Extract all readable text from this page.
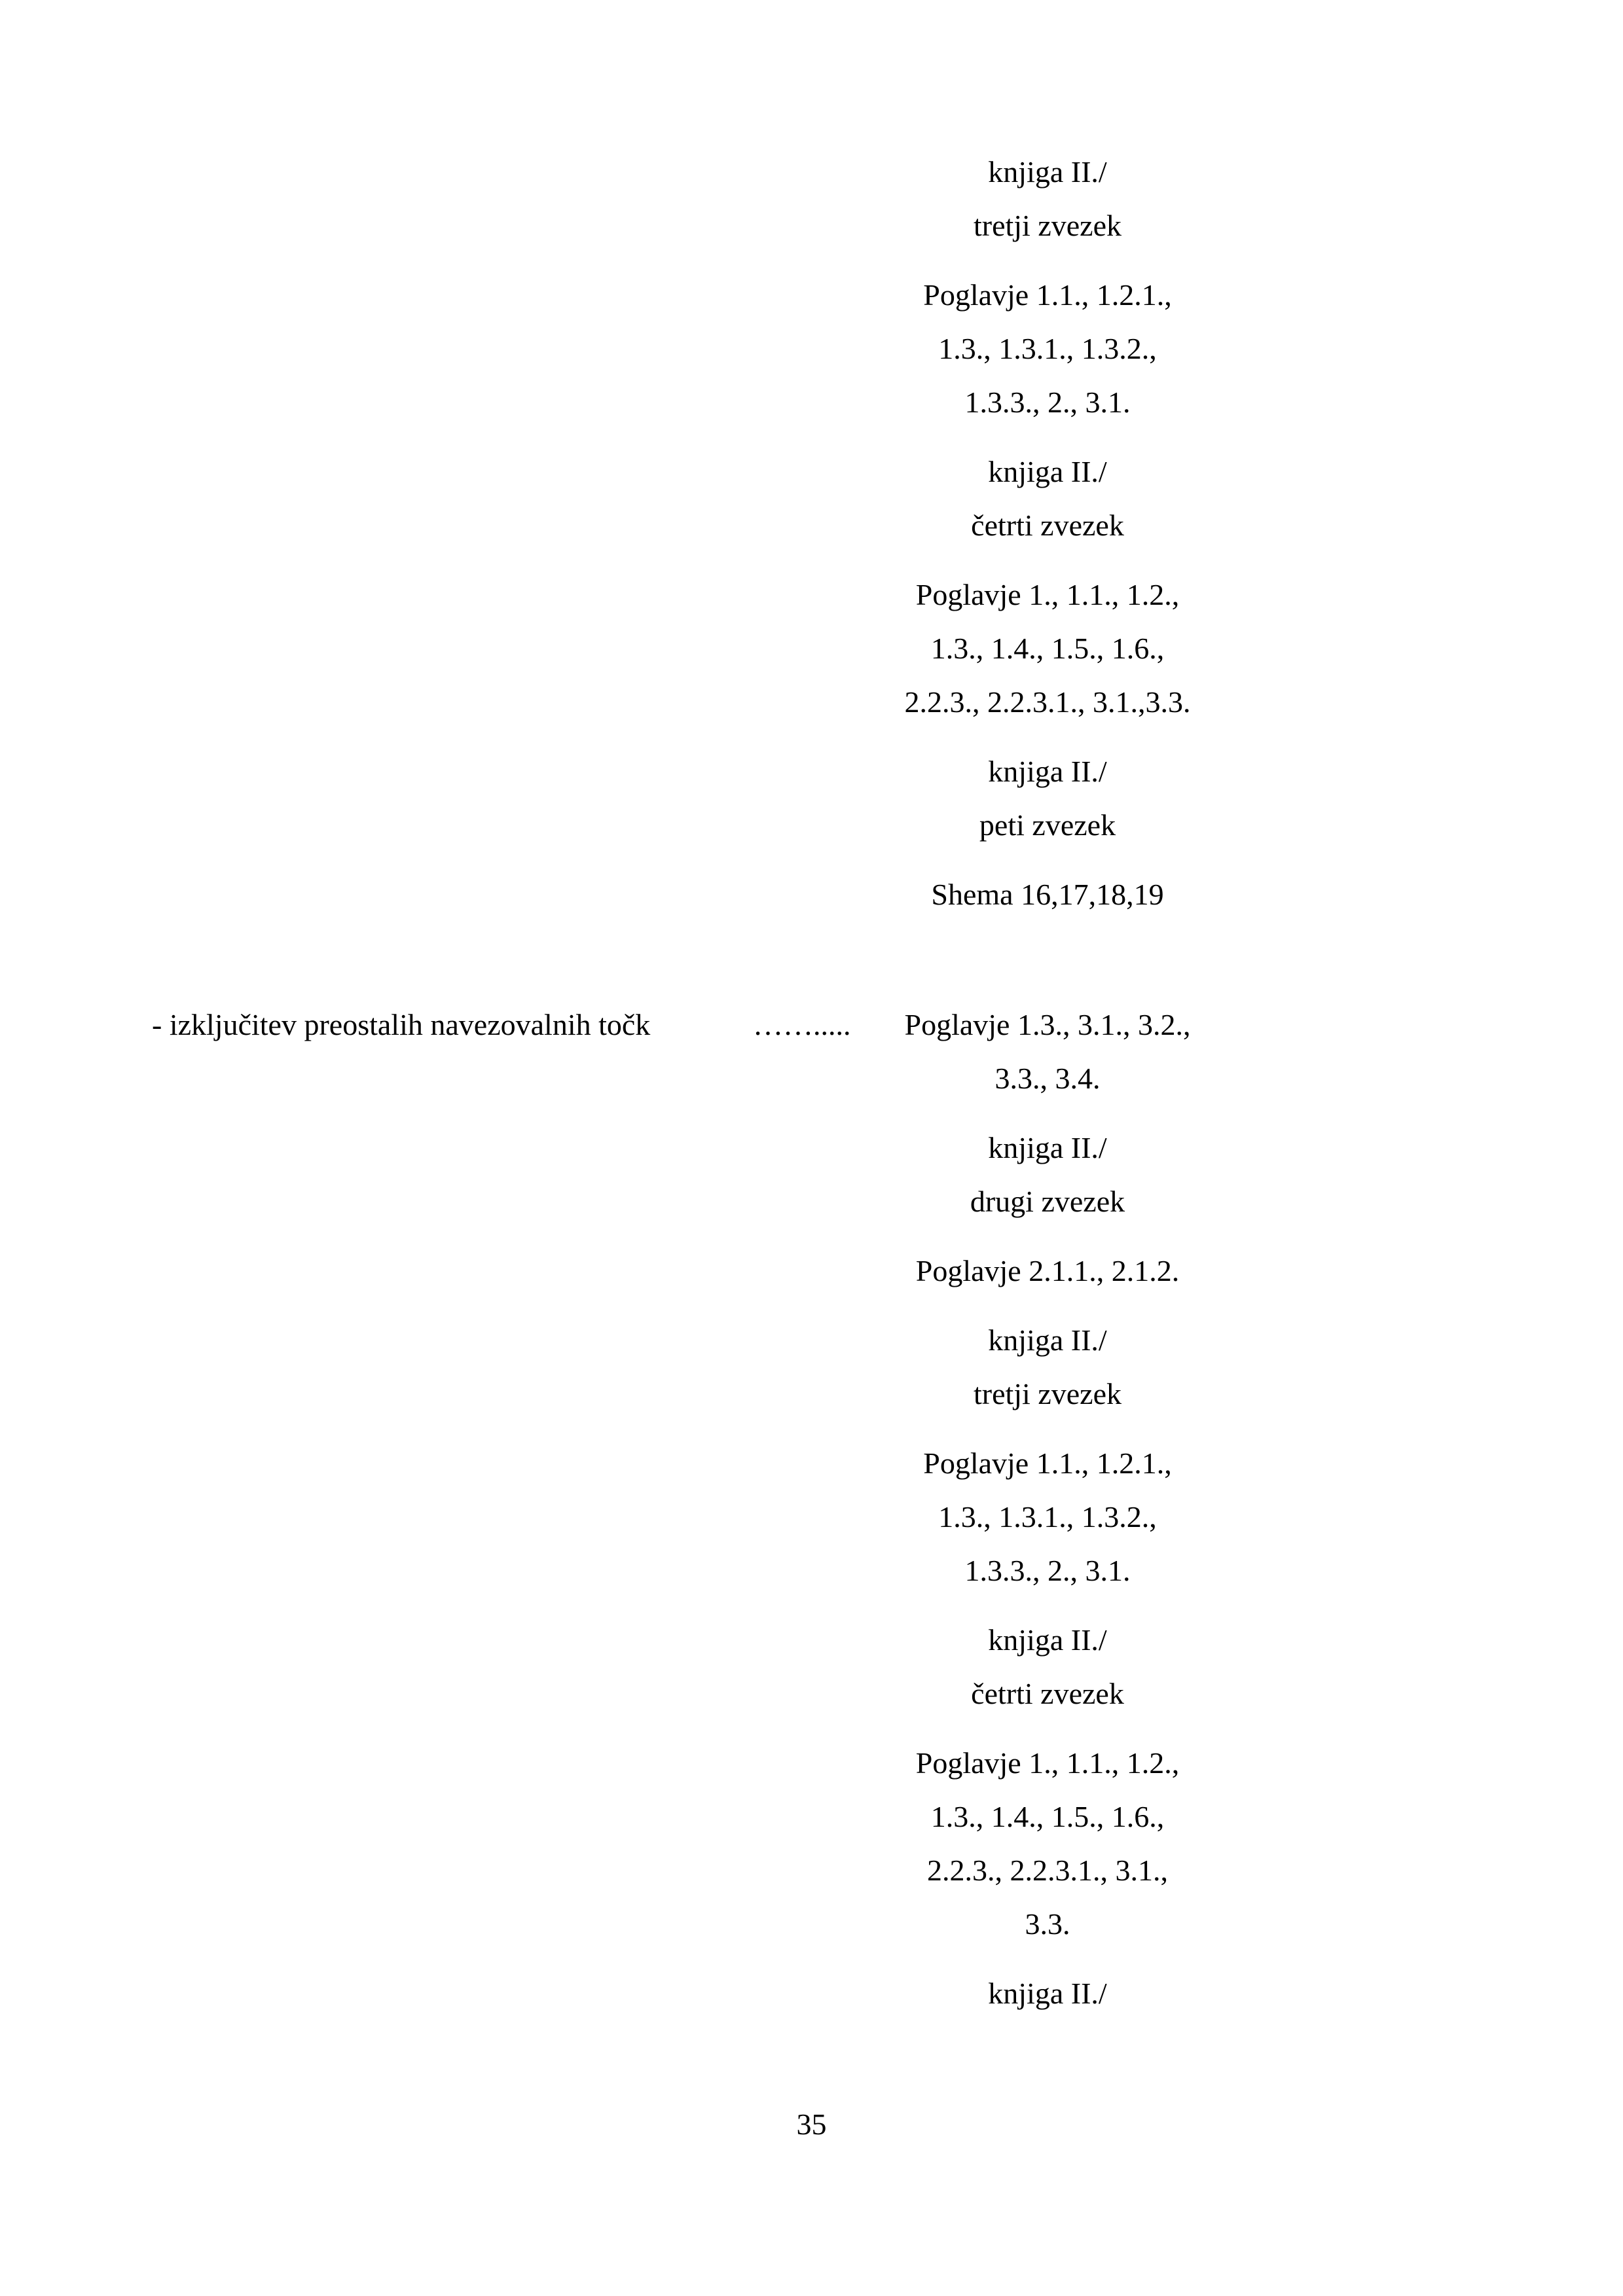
knjiga II./
tretji zvezek
Poglavje 1.1., 1.2.1.,
1.3., 1.3.1., 1.3.2.,
1.3.3., 2., 3.1.
knjiga II./
četrti zvezek
Poglavje 1., 1.1., 1.2.,
1.3., 1.4., 1.5., 1.6.,
2.2.3., 2.2.3.1., 3.1.,3.3.
knjiga II./
peti zvezek
Shema 16,17,18,19
- izključitev preostalih navezovalnih točk	…….....	Poglavje 1.3., 3.1., 3.2.,
3.3., 3.4.
knjiga II./
drugi zvezek
Poglavje 2.1.1., 2.1.2.
knjiga II./
tretji zvezek
Poglavje 1.1., 1.2.1.,
1.3., 1.3.1., 1.3.2.,
1.3.3., 2., 3.1.
knjiga II./
četrti zvezek
Poglavje 1., 1.1., 1.2.,
1.3., 1.4., 1.5., 1.6.,
2.2.3., 2.2.3.1., 3.1.,
3.3.
knjiga II./
35
